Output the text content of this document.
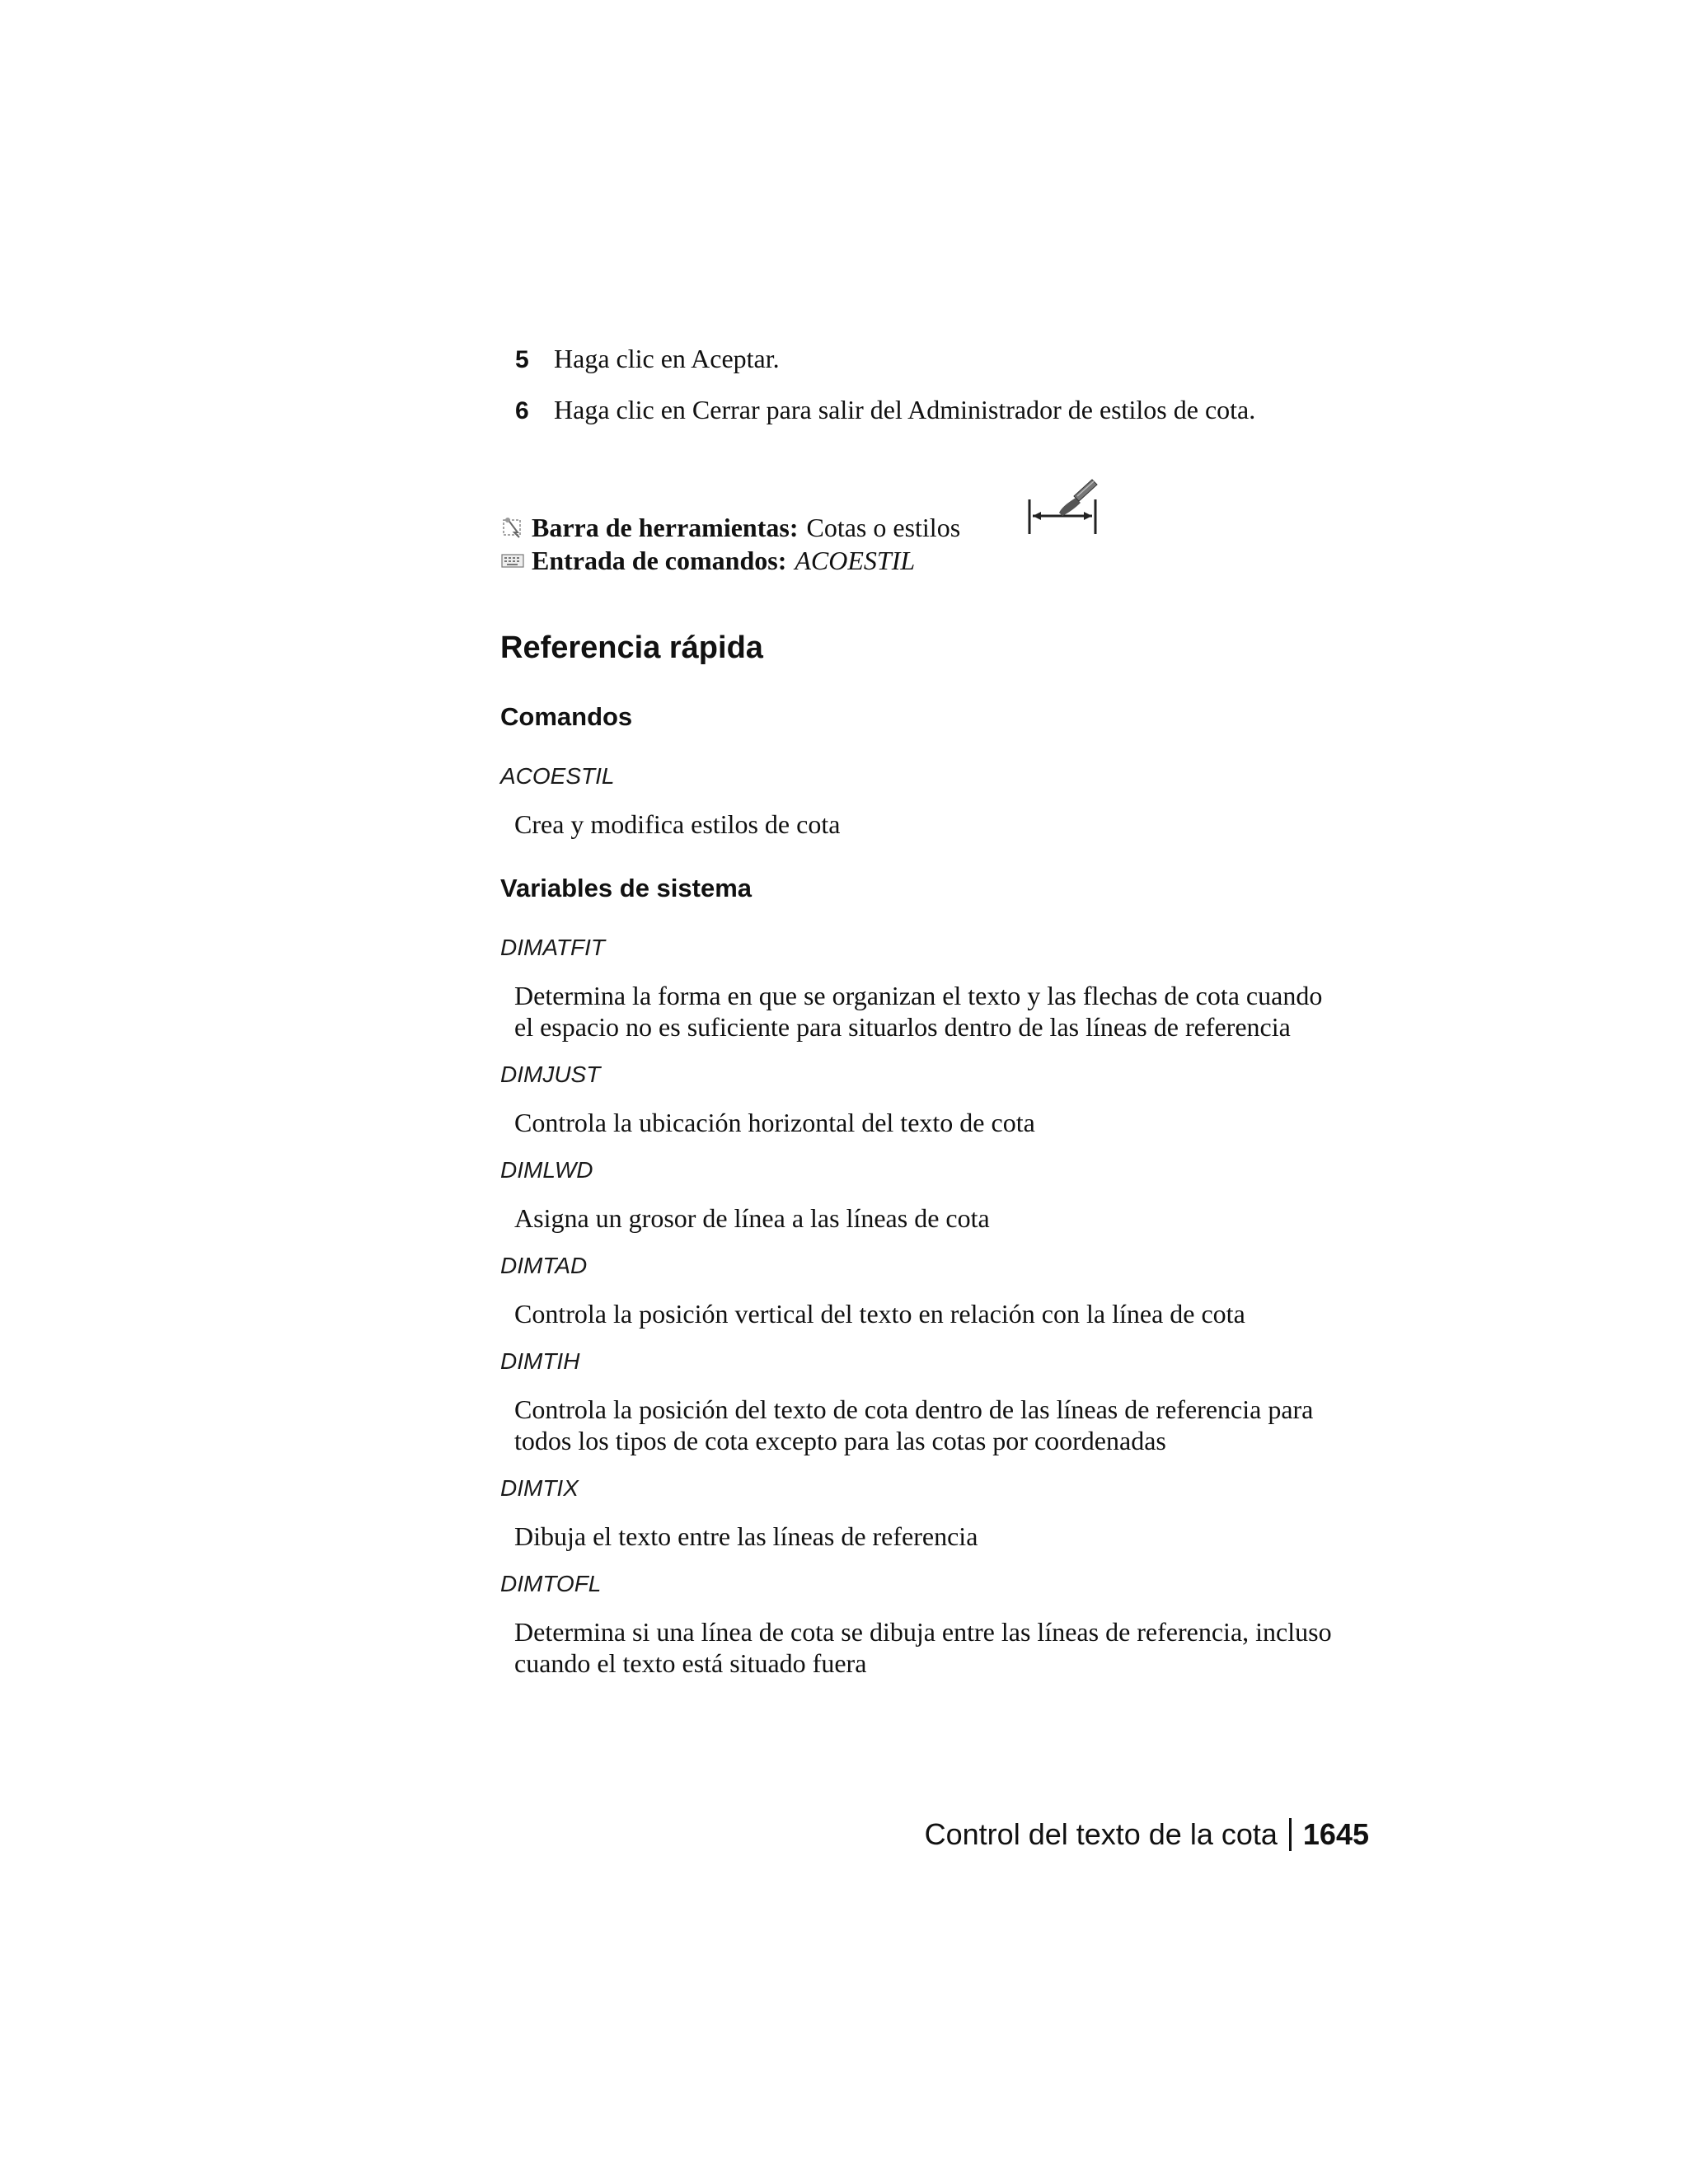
5 Haga clic en Aceptar.
6 Haga clic en Cerrar para salir del Administrador de estilos de cota.
Barra de herramientas: Cotas o estilos
Entrada de comandos: ACOESTIL
Referencia rápida
Comandos
ACOESTIL
Crea y modifica estilos de cota
Variables de sistema
DIMATFIT
Determina la forma en que se organizan el texto y las flechas de cota cuando
el espacio no es suficiente para situarlos dentro de las líneas de referencia
DIMJUST
Controla la ubicación horizontal del texto de cota
DIMLWD
Asigna un grosor de línea a las líneas de cota
DIMTAD
Controla la posición vertical del texto en relación con la línea de cota
DIMTIH
Controla la posición del texto de cota dentro de las líneas de referencia para
todos los tipos de cota excepto para las cotas por coordenadas
DIMTIX
Dibuja el texto entre las líneas de referencia
DIMTOFL
Determina si una línea de cota se dibuja entre las líneas de referencia, incluso
cuando el texto está situado fuera
Control del texto de la cota 1645
